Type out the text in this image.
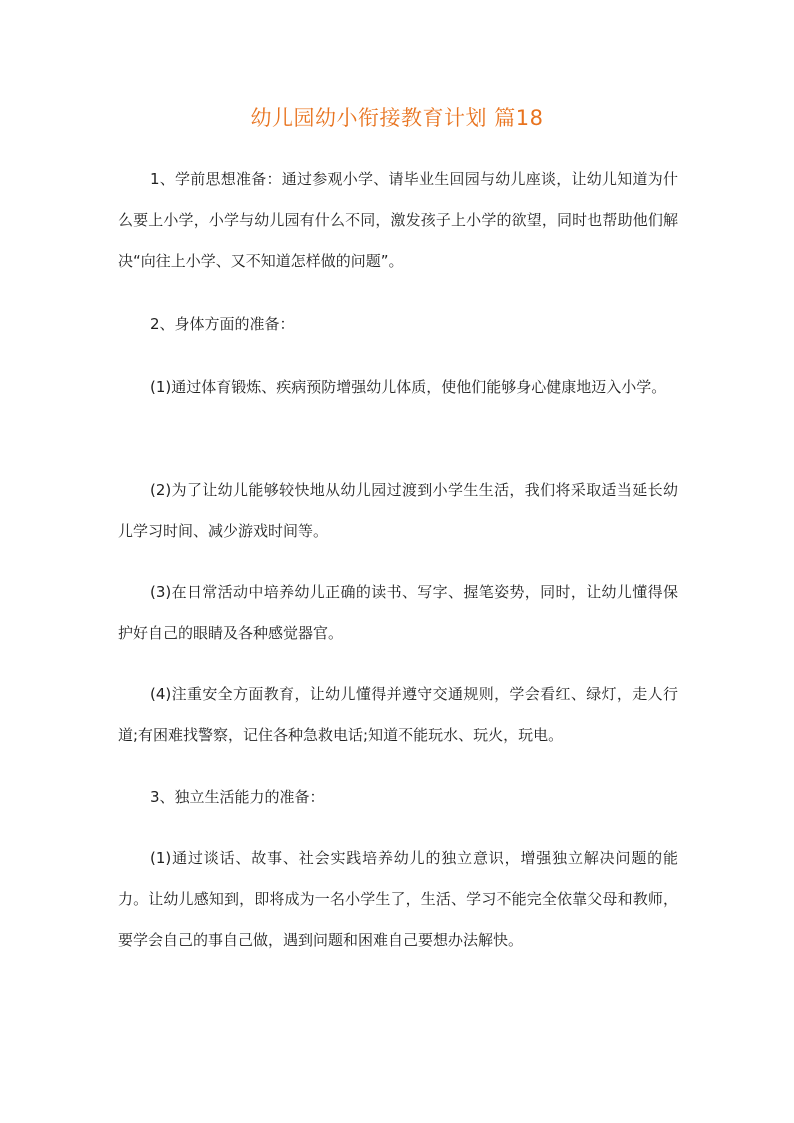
幼儿园幼小衔接教育计划 篇18

1、学前思想准备：通过参观小学、请毕业生回园与幼儿座谈，让幼儿知道为什么要上小学，小学与幼儿园有什么不同，激发孩子上小学的欲望，同时也帮助他们解决“向往上小学、又不知道怎样做的问题”。

2、身体方面的准备：

(1)通过体育锻炼、疾病预防增强幼儿体质，使他们能够身心健康地迈入小学。

(2)为了让幼儿能够较快地从幼儿园过渡到小学生生活，我们将采取适当延长幼儿学习时间、减少游戏时间等。

(3)在日常活动中培养幼儿正确的读书、写字、握笔姿势，同时，让幼儿懂得保护好自己的眼睛及各种感觉器官。

(4)注重安全方面教育，让幼儿懂得并遵守交通规则，学会看红、绿灯，走人行道;有困难找警察，记住各种急救电话;知道不能玩水、玩火，玩电。

3、独立生活能力的准备：

(1)通过谈话、故事、社会实践培养幼儿的独立意识，增强独立解决问题的能力。让幼儿感知到，即将成为一名小学生了，生活、学习不能完全依靠父母和教师，要学会自己的事自己做，遇到问题和困难自己要想办法解快。
